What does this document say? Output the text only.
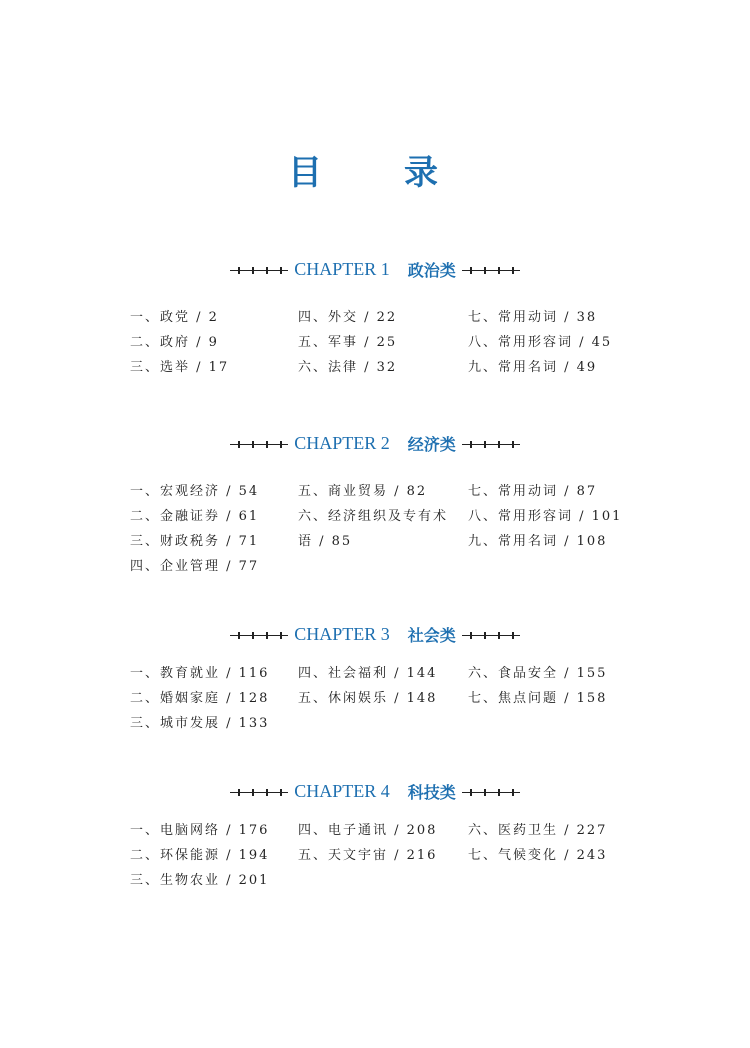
目　录
CHAPTER 1 政治类
一、政党 / 2
二、政府 / 9
三、选举 / 17
四、外交 / 22
五、军事 / 25
六、法律 / 32
七、常用动词 / 38
八、常用形容词 / 45
九、常用名词 / 49
CHAPTER 2 经济类
一、宏观经济 / 54
二、金融证券 / 61
三、财政税务 / 71
四、企业管理 / 77
五、商业贸易 / 82
六、经济组织及专有术
语 / 85
七、常用动词 / 87
八、常用形容词 / 101
九、常用名词 / 108
CHAPTER 3 社会类
一、教育就业 / 116
二、婚姻家庭 / 128
三、城市发展 / 133
四、社会福利 / 144
五、休闲娱乐 / 148
六、食品安全 / 155
七、焦点问题 / 158
CHAPTER 4 科技类
一、电脑网络 / 176
二、环保能源 / 194
三、生物农业 / 201
四、电子通讯 / 208
五、天文宇宙 / 216
六、医药卫生 / 227
七、气候变化 / 243
